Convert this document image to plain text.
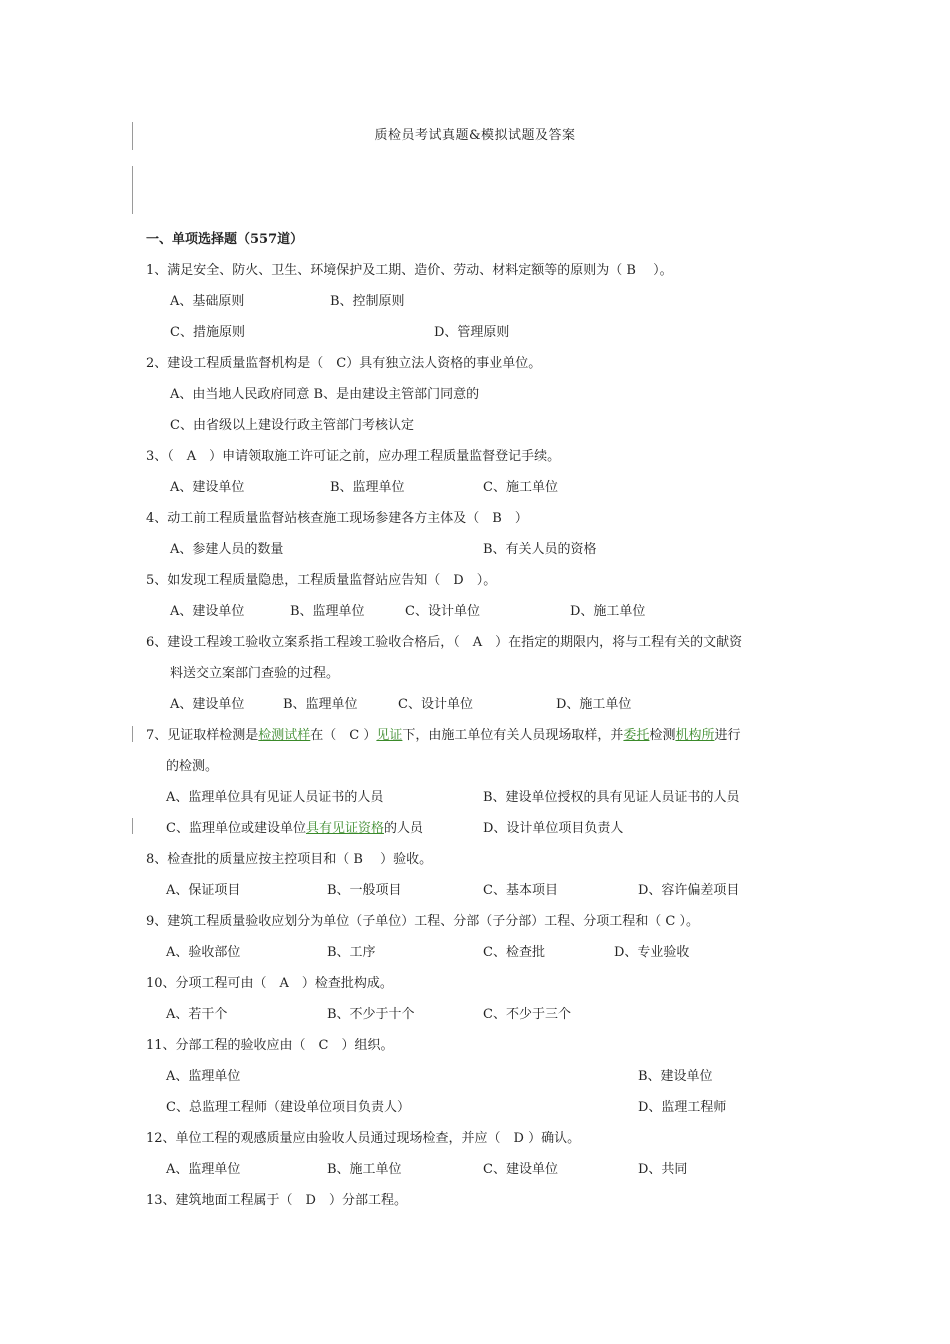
质检员考试真题&模拟试题及答案
一、单项选择题（557道）
1、满足安全、防火、卫生、环境保护及工期、造价、劳动、材料定额等的原则为（ B　 ）。
A、基础原则	B、控制原则
C、措施原则	D、管理原则
2、建设工程质量监督机构是（　C）具有独立法人资格的事业单位。
A、由当地人民政府同意 B、是由建设主管部门同意的
C、由省级以上建设行政主管部门考核认定
3、（　A　）申请领取施工许可证之前，应办理工程质量监督登记手续。
A、建设单位	B、监理单位	C、施工单位
4、动工前工程质量监督站核查施工现场参建各方主体及（　B　）
A、参建人员的数量	B、有关人员的资格
5、如发现工程质量隐患，工程质量监督站应告知（　D　）。
A、建设单位	B、监理单位	C、设计单位	D、施工单位
6、建设工程竣工验收立案系指工程竣工验收合格后，（　A　）在指定的期限内，将与工程有关的文献资
料送交立案部门查验的过程。
A、建设单位	B、监理单位	C、设计单位	D、施工单位
7、见证取样检测是检测试样在（　C ）见证下，由施工单位有关人员现场取样，并委托检测机构所进行
的检测。
A、监理单位具有见证人员证书的人员	B、建设单位授权的具有见证人员证书的人员
C、监理单位或建设单位具有见证资格的人员	D、设计单位项目负责人
8、检查批的质量应按主控项目和（ B　 ）验收。
A、保证项目	B、一般项目	C、基本项目	D、容许偏差项目
9、建筑工程质量验收应划分为单位（子单位）工程、分部（子分部）工程、分项工程和（ C ）。
A、验收部位	B、工序	C、检查批	D、专业验收
10、分项工程可由（　A　）检查批构成。
A、若干个	B、不少于十个	C、不少于三个
11、分部工程的验收应由（　C　）组织。
A、监理单位	B、建设单位
C、总监理工程师（建设单位项目负责人）	D、监理工程师
12、单位工程的观感质量应由验收人员通过现场检查，并应（　D ）确认。
A、监理单位	B、施工单位	C、建设单位	D、共同
13、建筑地面工程属于（　D　）分部工程。
